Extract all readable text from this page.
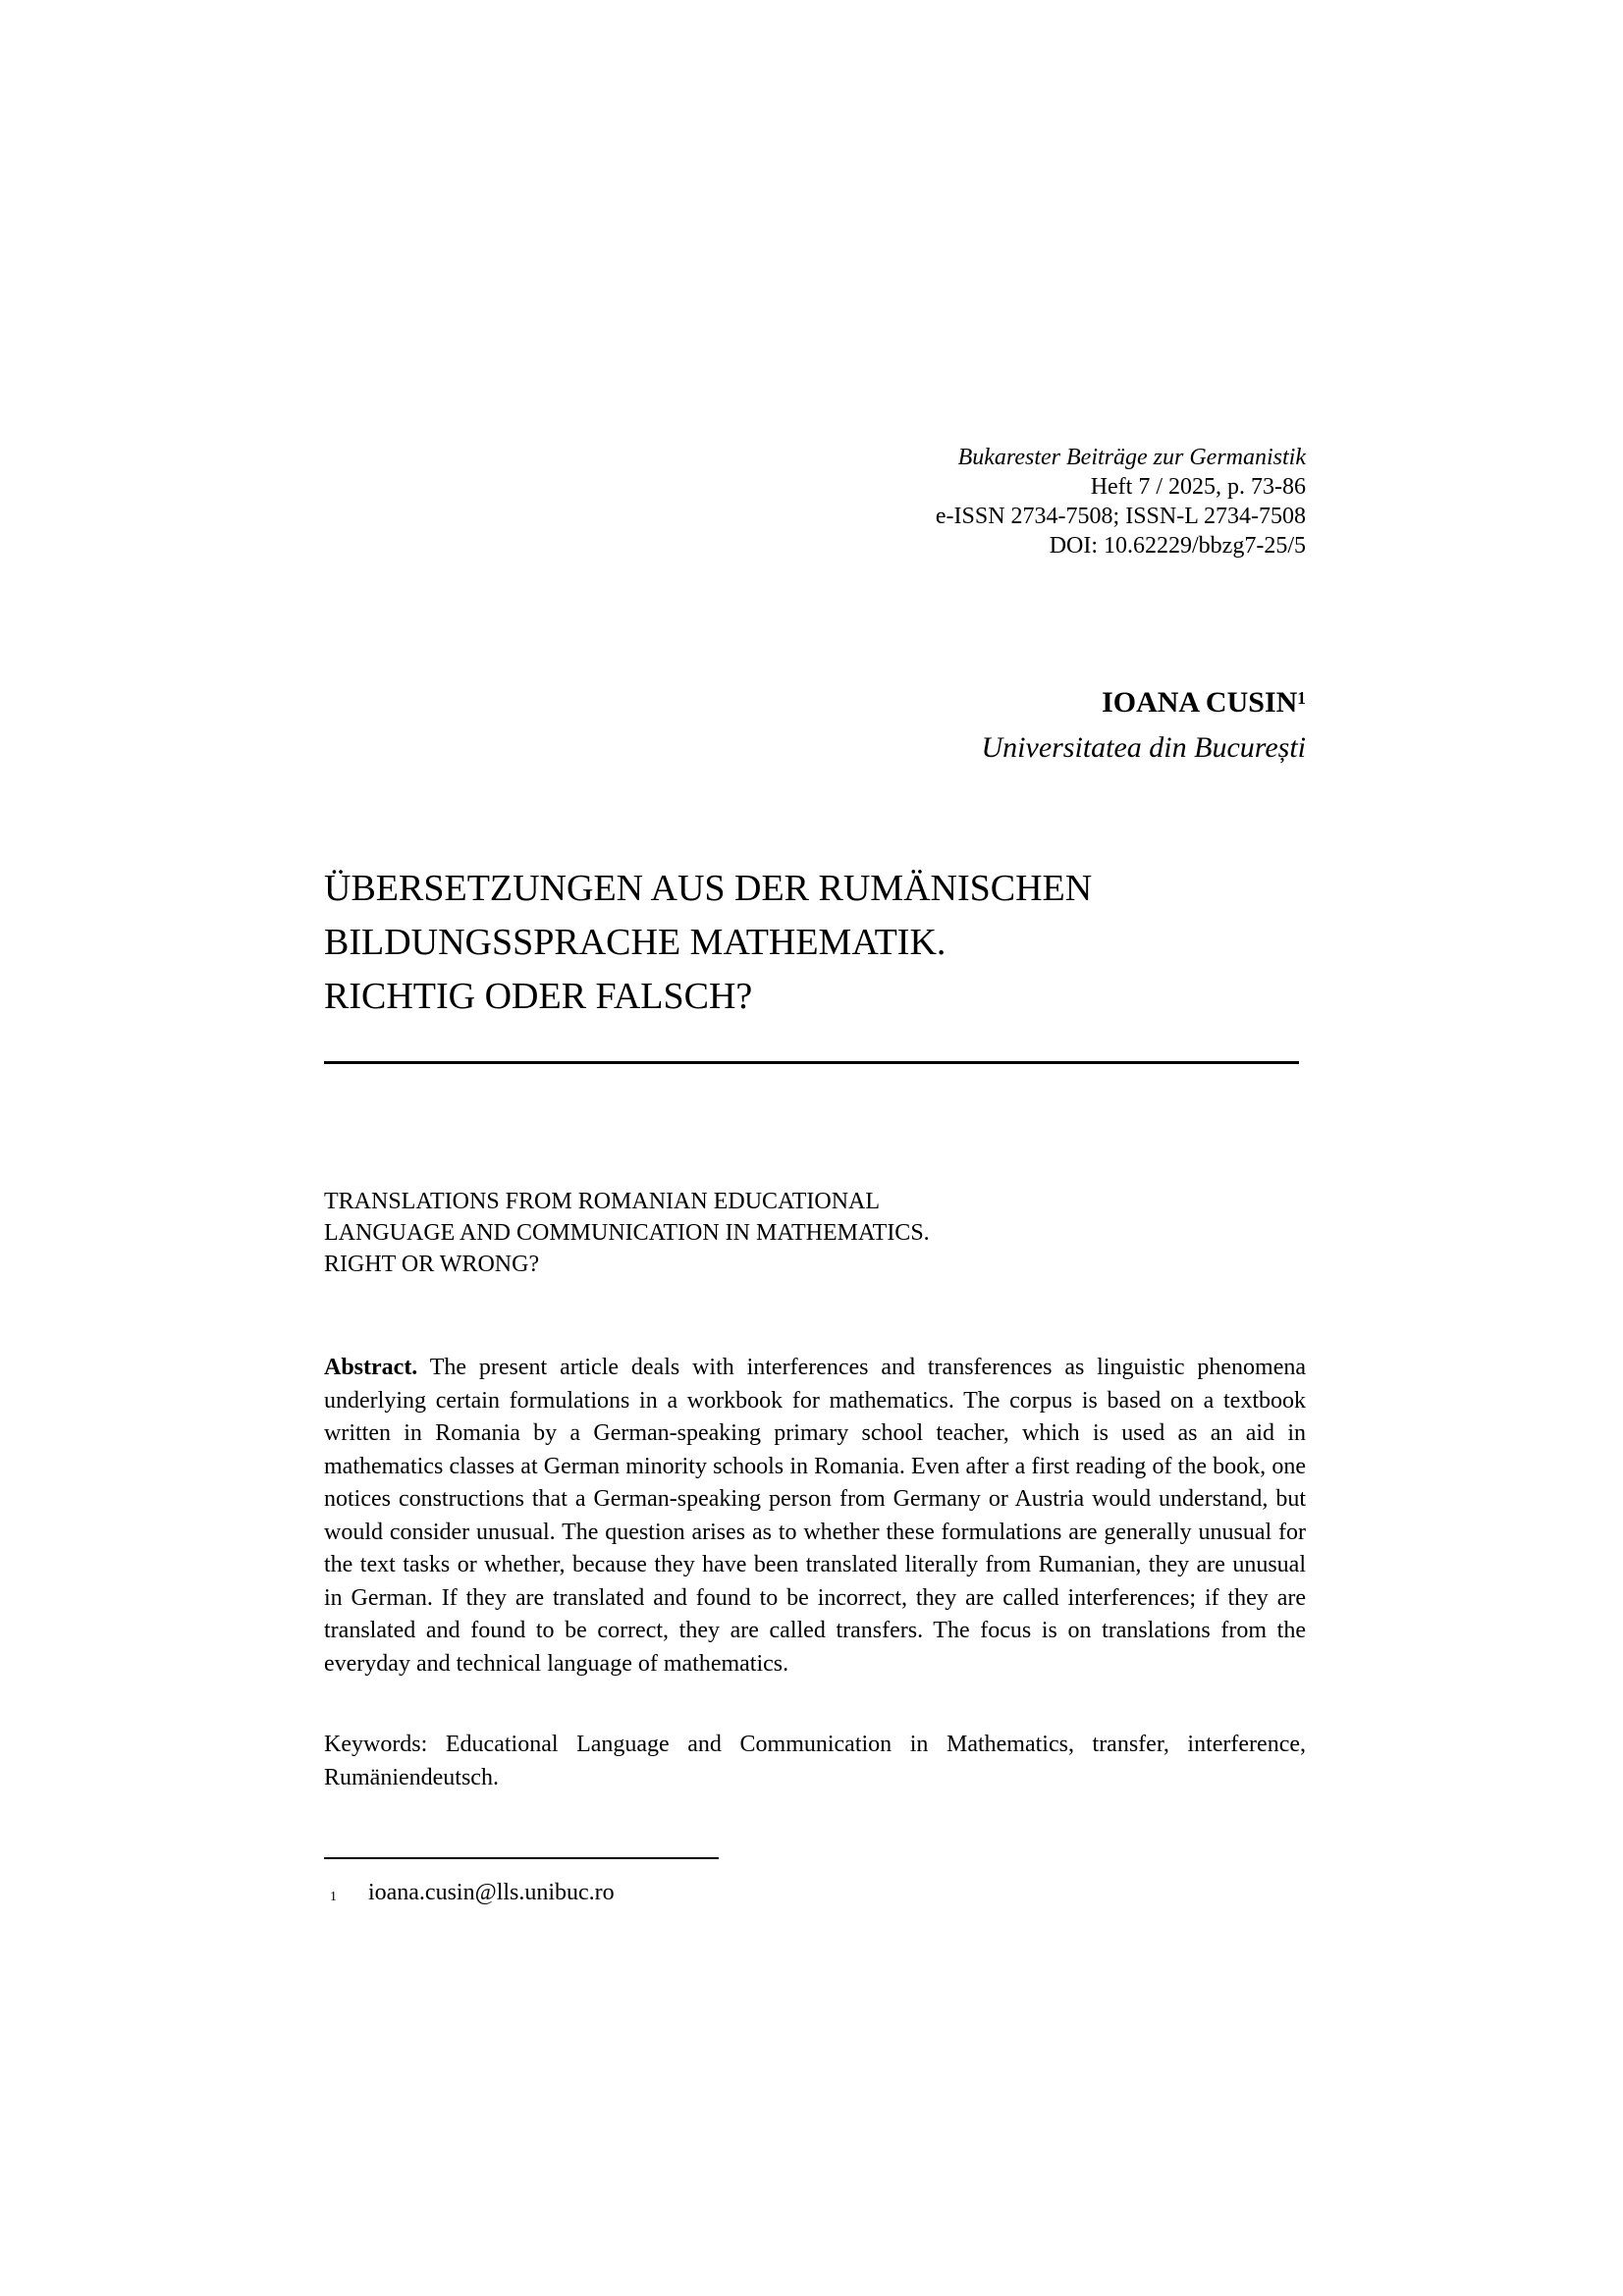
Bukarester Beiträge zur Germanistik
Heft 7 / 2025, p. 73-86
e-ISSN 2734-7508; ISSN-L 2734-7508
DOI: 10.62229/bbzg7-25/5
IOANA CUSIN$^1$
Universitatea din București
ÜBERSETZUNGEN AUS DER RUMÄNISCHEN
BILDUNGSSPRACHE MATHEMATIK.
RICHTIG ODER FALSCH?
TRANSLATIONS FROM ROMANIAN EDUCATIONAL
LANGUAGE AND COMMUNICATION IN MATHEMATICS.
RIGHT OR WRONG?

Abstract. The present article deals with interferences and transferences as linguistic phenomena underlying certain formulations in a workbook for mathematics. The corpus is based on a textbook written in Romania by a German-speaking primary school teacher, which is used as an aid in mathematics classes at German minority schools in Romania. Even after a first reading of the book, one notices constructions that a German-speaking person from Germany or Austria would understand, but would consider unusual. The question arises as to whether these formulations are generally unusual for the text tasks or whether, because they have been translated literally from Rumanian, they are unusual in German. If they are translated and found to be incorrect, they are called interferences; if they are translated and found to be correct, they are called transfers. The focus is on translations from the everyday and technical language of mathematics.

Keywords: Educational Language and Communication in Mathematics, transfer, interference, Rumäniendeutsch.

$^1$ ioana.cusin@lls.unibuc.ro
